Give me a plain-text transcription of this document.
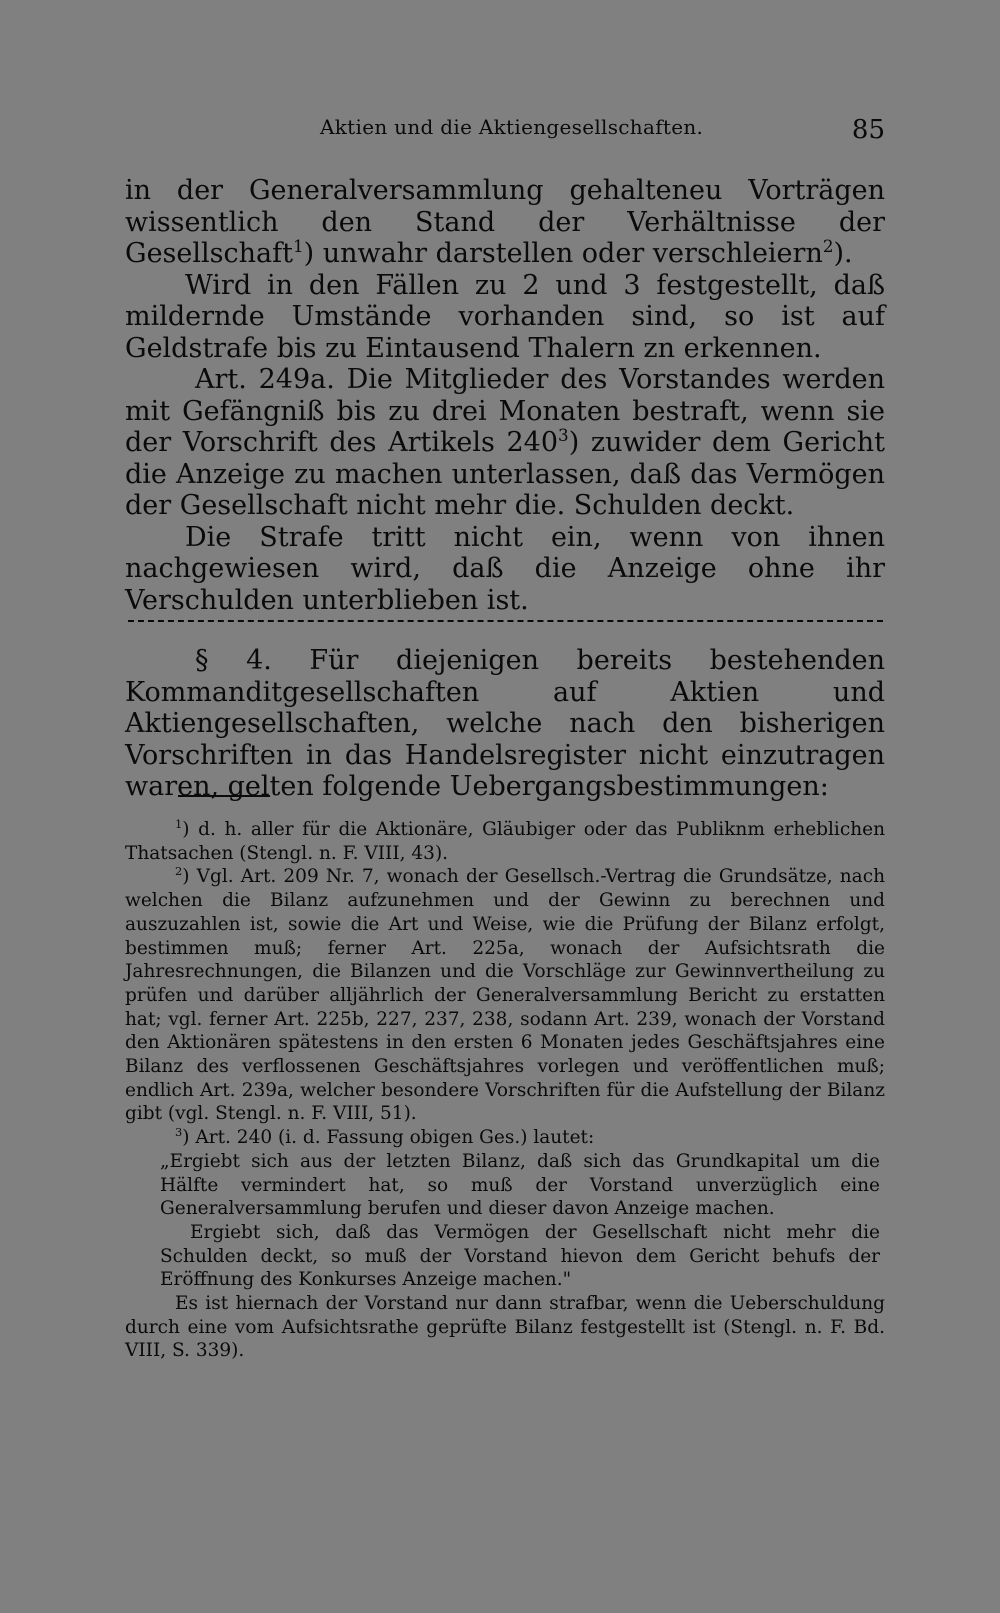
Aktien und die Aktiengesellschaften.	85

in der Generalversammlung gehalteneu Vorträgen wissentlich den Stand der Verhältnisse der Gesellschaft$^1$) unwahr darstellen oder verschleiern$^2$).

Wird in den Fällen zu 2 und 3 festgestellt, daß mildernde Umstände vorhanden sind, so ist auf Geldstrafe bis zu Eintausend Thalern zn erkennen.

Art. 249a. Die Mitglieder des Vorstandes werden mit Gefängniß bis zu drei Monaten bestraft, wenn sie der Vorschrift des Artikels $240^3$) zuwider dem Gericht die Anzeige zu machen unterlassen, daß das Vermögen der Gesellschaft nicht mehr die. Schulden deckt.

Die Strafe tritt nicht ein, wenn von ihnen nachgewiesen wird, daß die Anzeige ohne ihr Verschulden unterblieben ist.

§ 4. Für diejenigen bereits bestehenden Kommanditgesellschaften auf Aktien und Aktiengesellschaften, welche nach den bisherigen Vorschriften in das Handelsregister nicht einzutragen waren, gelten folgende Uebergangsbestimmungen:

$^1$) d. h. aller für die Aktionäre, Gläubiger oder das Publiknm erheblichen Thatsachen (Stengl. n. F. VIII, 43).

$^2$) Vgl. Art. 209 Nr. 7, wonach der Gesellsch.-Vertrag die Grundsätze, nach welchen die Bilanz aufzunehmen und der Gewinn zu berechnen und auszuzahlen ist, sowie die Art und Weise, wie die Prüfung der Bilanz erfolgt, bestimmen muß; ferner Art. 225a, wonach der Aufsichtsrath die Jahresrechnungen, die Bilanzen und die Vorschläge zur Gewinnvertheilung zu prüfen und darüber alljährlich der Generalversammlung Bericht zu erstatten hat; vgl. ferner Art. 225b, 227, 237, 238, sodann Art. 239, wonach der Vorstand den Aktionären spätestens in den ersten 6 Monaten jedes Geschäftsjahres eine Bilanz des verflossenen Geschäftsjahres vorlegen und veröffentlichen muß; endlich Art. 239a, welcher besondere Vorschriften für die Aufstellung der Bilanz gibt (vgl. Stengl. n. F. VIII, 51).

$^3$) Art. 240 (i. d. Fassung obigen Ges.) lautet:

„Ergiebt sich aus der letzten Bilanz, daß sich das Grundkapital um die Hälfte vermindert hat, so muß der Vorstand unverzüglich eine Generalversammlung berufen und dieser davon Anzeige machen.

Ergiebt sich, daß das Vermögen der Gesellschaft nicht mehr die Schulden deckt, so muß der Vorstand hievon dem Gericht behufs der Eröffnung des Konkurses Anzeige machen."

Es ist hiernach der Vorstand nur dann strafbar, wenn die Ueberschuldung durch eine vom Aufsichtsrathe geprüfte Bilanz festgestellt ist (Stengl. n. F. Bd. VIII, S. 339).
